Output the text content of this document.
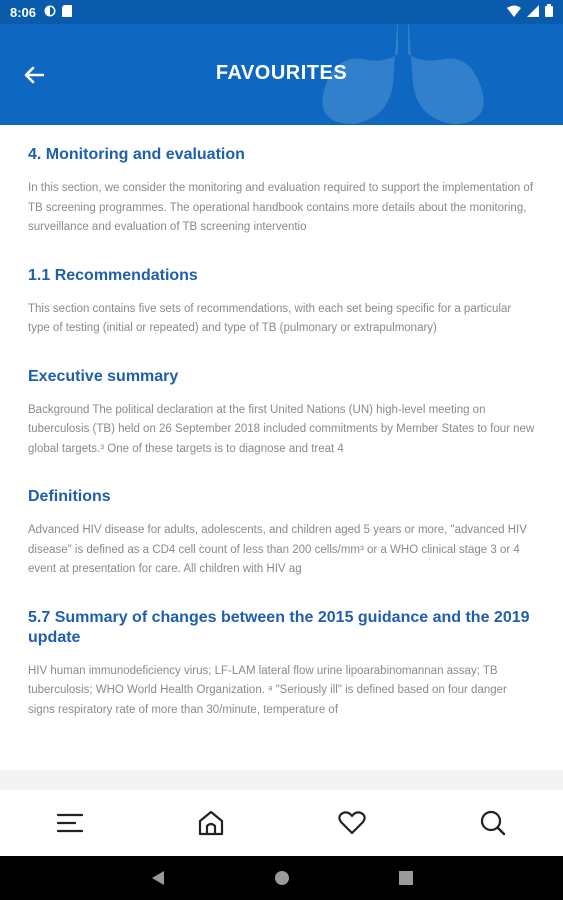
8:06
FAVOURITES
4. Monitoring and evaluation
In this section, we consider the monitoring and evaluation required to support the implementation of TB screening programmes. The operational handbook contains more details about the monitoring, surveillance and evaluation of TB screening interventio
1.1 Recommendations
This section contains five sets of recommendations, with each set being specific for a particular type of testing (initial or repeated) and type of TB (pulmonary or extrapulmonary)
Executive summary
Background The political declaration at the first United Nations (UN) high-level meeting on tuberculosis (TB) held on 26 September 2018 included commitments by Member States to four new global targets.³ One of these targets is to diagnose and treat 4
Definitions
Advanced HIV disease for adults, adolescents, and children aged 5 years or more, "advanced HIV disease" is defined as a CD4 cell count of less than 200 cells/mm³ or a WHO clinical stage 3 or 4 event at presentation for care. All children with HIV ag
5.7 Summary of changes between the 2015 guidance and the 2019 update
HIV human immunodeficiency virus; LF-LAM lateral flow urine lipoarabinomannan assay; TB tuberculosis; WHO World Health Organization. ᵃ "Seriously ill" is defined based on four danger signs respiratory rate of more than 30/minute, temperature of
